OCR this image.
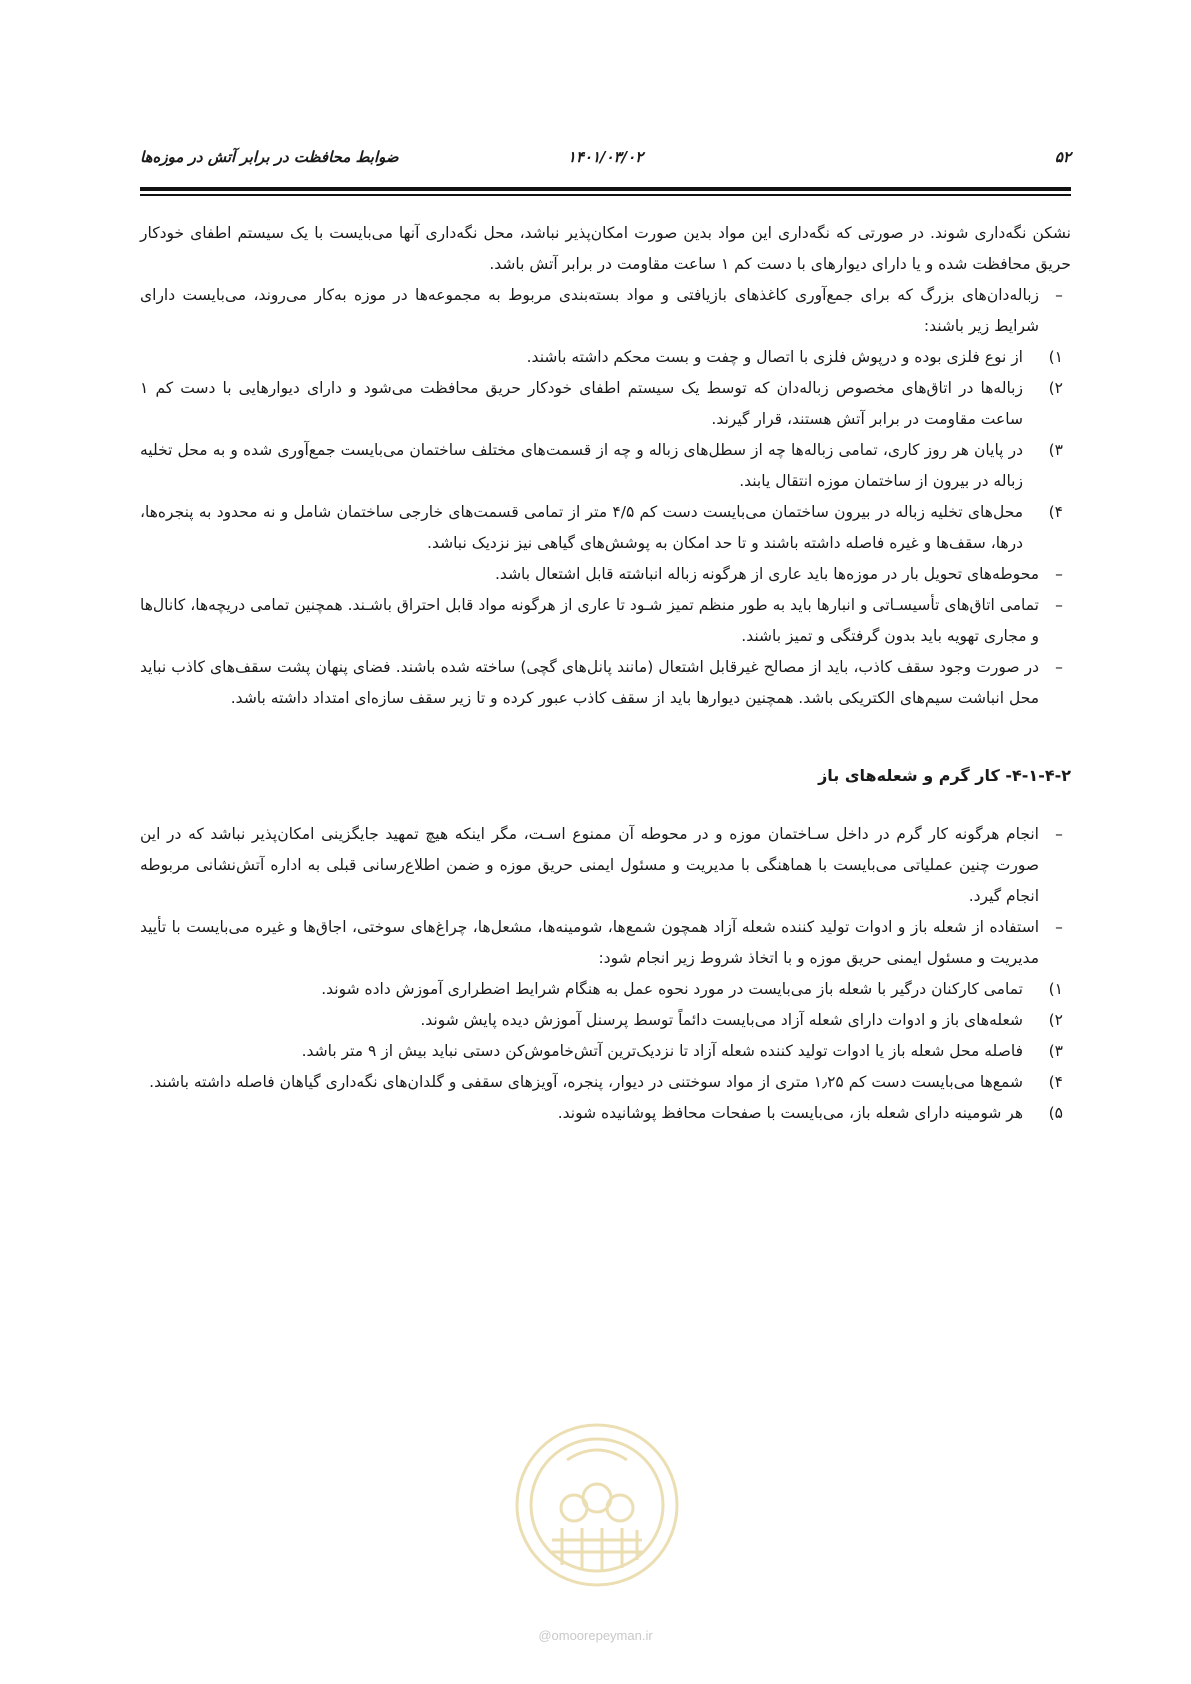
۵۲
۱۴۰۱/۰۳/۰۲
ضوابط محافظت در برابر آتش در موزه‌ها

نشکن نگه‌داری شوند. در صورتی که نگه‌داری این مواد بدین صورت امکان‌پذیر نباشد، محل نگه‌داری آنها می‌بایست با یک سیستم اطفای خودکار حریق محافظت شده و یا دارای دیوارهای با دست کم ۱ ساعت مقاومت در برابر آتش باشد.

–
زباله‌دان‌های بزرگ که برای جمع‌آوری کاغذهای بازیافتی و مواد بسته‌بندی مربوط به مجموعه‌ها در موزه به‌کار می‌روند، می‌بایست دارای شرایط زیر باشند:
۱)
از نوع فلزی بوده و درپوش فلزی با اتصال و چفت و بست محکم داشته باشند.
۲)
زباله‌ها در اتاق‌های مخصوص زباله‌دان که توسط یک سیستم اطفای خودکار حریق محافظت می‌شود و دارای دیوارهایی با دست کم ۱ ساعت مقاومت در برابر آتش هستند، قرار گیرند.
۳)
در پایان هر روز کاری، تمامی زباله‌ها چه از سطل‌های زباله و چه از قسمت‌های مختلف ساختمان می‌بایست جمع‌آوری شده و به محل تخلیه زباله در بیرون از ساختمان موزه انتقال یابند.
۴)
محل‌های تخلیه زباله در بیرون ساختمان می‌بایست دست کم ۴/۵ متر از تمامی قسمت‌های خارجی ساختمان شامل و نه محدود به پنجره‌ها، درها، سقف‌ها و غیره فاصله داشته باشند و تا حد امکان به پوشش‌های گیاهی نیز نزدیک نباشد.
–
محوطه‌های تحویل بار در موزه‌ها باید عاری از هرگونه زباله انباشته قابل اشتعال باشد.
–
تمامی اتاق‌های تأسیسـاتی و انبارها باید به طور منظم تمیز شـود تا عاری از هرگونه مواد قابل احتراق باشـند. همچنین تمامی دریچه‌ها، کانال‌ها و مجاری تهویه باید بدون گرفتگی و تمیز باشند.
–
در صورت وجود سقف کاذب، باید از مصالح غیرقابل اشتعال (مانند پانل‌های گچی) ساخته شده باشند. فضای پنهان پشت سقف‌های کاذب نباید محل انباشت سیم‌های الکتریکی باشد. همچنین دیوارها باید از سقف کاذب عبور کرده و تا زیر سقف سازه‌ای امتداد داشته باشد.

۴-۱-۴-۲- کار گرم و شعله‌های باز

–
انجام هرگونه کار گرم در داخل سـاختمان موزه و در محوطه آن ممنوع اسـت، مگر اینکه هیچ تمهید جایگزینی امکان‌پذیر نباشد که در این صورت چنین عملیاتی می‌بایست با هماهنگی با مدیریت و مسئول ایمنی حریق موزه و ضمن اطلاع‌رسانی قبلی به اداره آتش‌نشانی مربوطه انجام گیرد.
–
استفاده از شعله باز و ادوات تولید کننده شعله آزاد همچون شمع‌ها، شومینه‌ها، مشعل‌ها، چراغ‌های سوختی، اجاق‌ها و غیره می‌بایست با تأیید مدیریت و مسئول ایمنی حریق موزه و با اتخاذ شروط زیر انجام شود:
۱)
تمامی کارکنان درگیر با شعله باز می‌بایست در مورد نحوه عمل به هنگام شرایط اضطراری آموزش داده شوند.
۲)
شعله‌های باز و ادوات دارای شعله آزاد می‌بایست دائماً توسط پرسنل آموزش دیده پایش شوند.
۳)
فاصله محل شعله باز یا ادوات تولید کننده شعله آزاد تا نزدیک‌ترین آتش‌خاموش‌کن دستی نباید بیش از ۹ متر باشد.
۴)
شمع‌ها می‌بایست دست کم ۱٫۲۵ متری از مواد سوختنی در دیوار، پنجره، آویزهای سقفی و گلدان‌های نگه‌داری گیاهان فاصله داشته باشند.
۵)
هر شومینه دارای شعله باز، می‌بایست با صفحات محافظ پوشانیده شوند.
@omoorepeyman.ir
